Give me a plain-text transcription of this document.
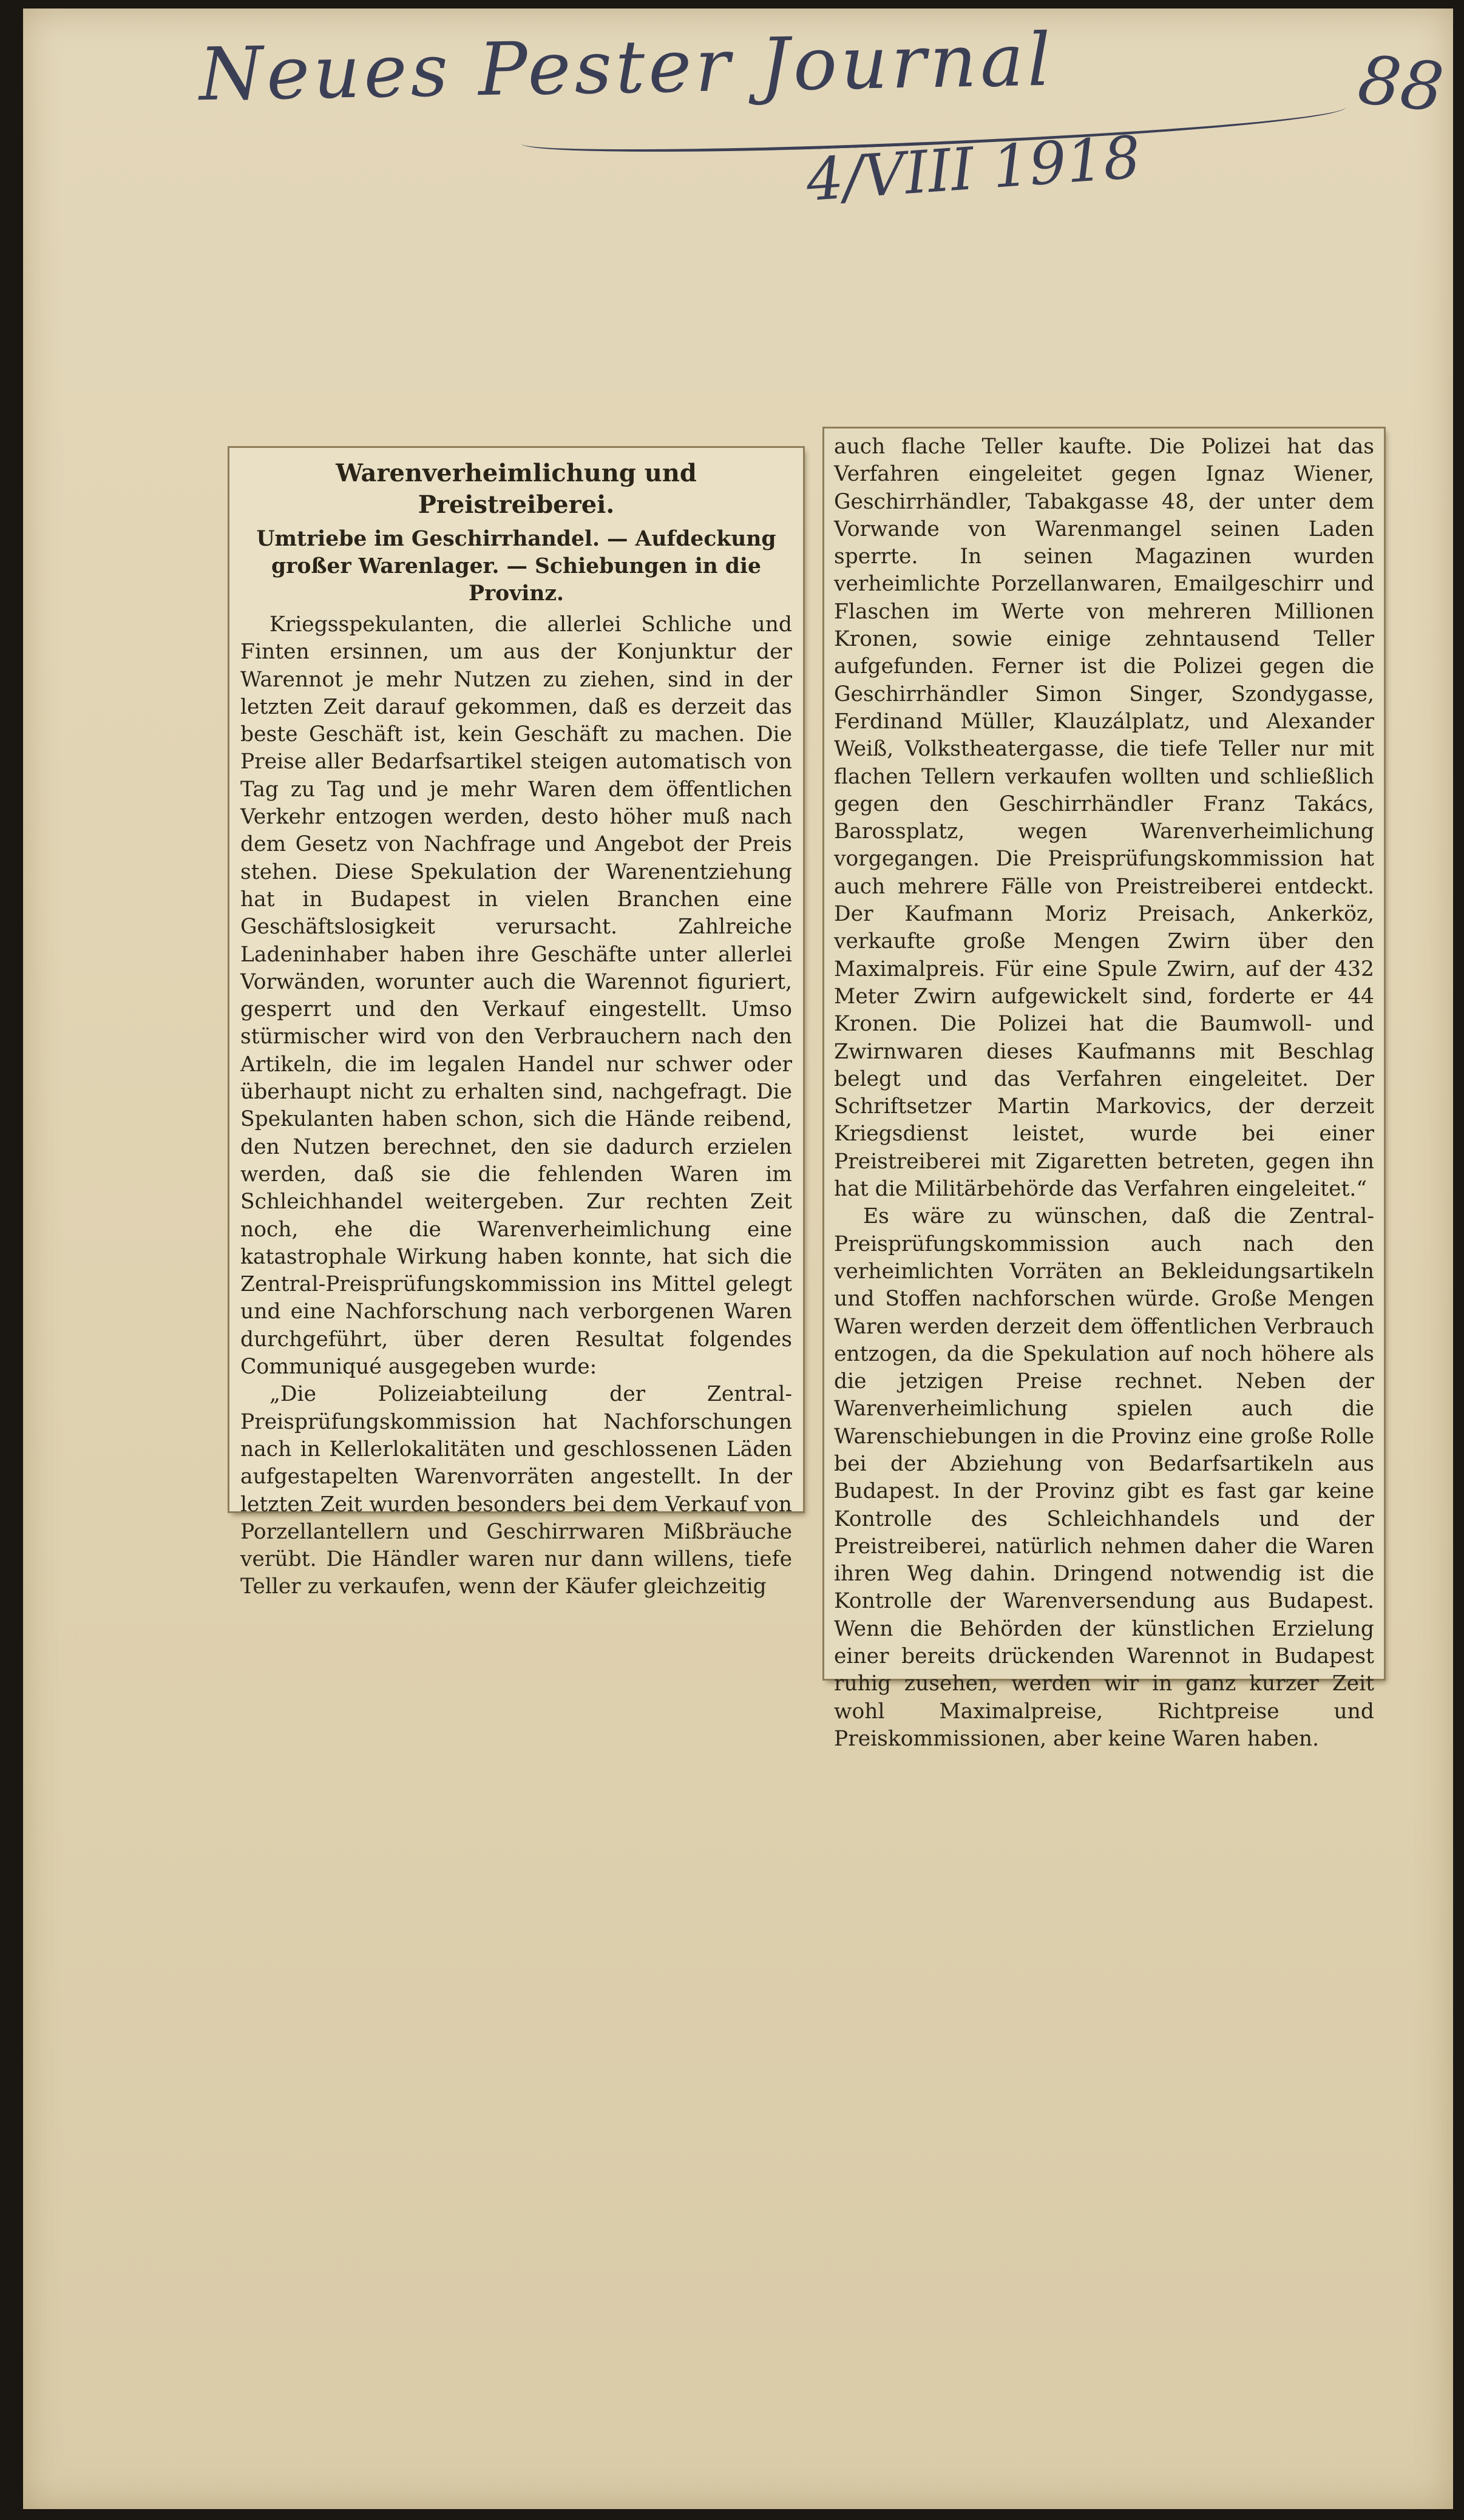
Neues Pester Journal	88
4/VIII 1918
Warenverheimlichung und Preistreiberei.
Umtriebe im Geschirrhandel. — Aufdeckung großer Warenlager. — Schiebungen in die Provinz.

Kriegsspekulanten, die allerlei Schliche und Finten ersinnen, um aus der Konjunktur der Warennot je mehr Nutzen zu ziehen, sind in der letzten Zeit darauf gekommen, daß es derzeit das beste Geschäft ist, kein Geschäft zu machen. Die Preise aller Bedarfsartikel steigen automatisch von Tag zu Tag und je mehr Waren dem öffentlichen Verkehr entzogen werden, desto höher muß nach dem Gesetz von Nachfrage und Angebot der Preis stehen. Diese Spekulation der Warenentziehung hat in Budapest in vielen Branchen eine Geschäftslosigkeit verursacht. Zahlreiche Ladeninhaber haben ihre Geschäfte unter allerlei Vorwänden, worunter auch die Warennot figuriert, gesperrt und den Verkauf eingestellt. Umso stürmischer wird von den Verbrauchern nach den Artikeln, die im legalen Handel nur schwer oder überhaupt nicht zu erhalten sind, nachgefragt. Die Spekulanten haben schon, sich die Hände reibend, den Nutzen berechnet, den sie dadurch erzielen werden, daß sie die fehlenden Waren im Schleichhandel weitergeben. Zur rechten Zeit noch, ehe die Warenverheimlichung eine katastrophale Wirkung haben konnte, hat sich die Zentral-Preisprüfungskommission ins Mittel gelegt und eine Nachforschung nach verborgenen Waren durchgeführt, über deren Resultat folgendes Communiqué ausgegeben wurde:

„Die Polizeiabteilung der Zentral-Preisprüfungskommission hat Nachforschungen nach in Kellerlokalitäten und geschlossenen Läden aufgestapelten Warenvorräten angestellt. In der letzten Zeit wurden besonders bei dem Verkauf von Porzellantellern und Geschirrwaren Mißbräuche verübt. Die Händler waren nur dann willens, tiefe Teller zu verkaufen, wenn der Käufer gleichzeitig

auch flache Teller kaufte. Die Polizei hat das Verfahren eingeleitet gegen Ignaz Wiener, Geschirrhändler, Tabakgasse 48, der unter dem Vorwande von Warenmangel seinen Laden sperrte. In seinen Magazinen wurden verheimlichte Porzellanwaren, Emailgeschirr und Flaschen im Werte von mehreren Millionen Kronen, sowie einige zehntausend Teller aufgefunden. Ferner ist die Polizei gegen die Geschirrhändler Simon Singer, Szondygasse, Ferdinand Müller, Klauzálplatz, und Alexander Weiß, Volkstheatergasse, die tiefe Teller nur mit flachen Tellern verkaufen wollten und schließlich gegen den Geschirrhändler Franz Takács, Barossplatz, wegen Warenverheimlichung vorgegangen. Die Preisprüfungskommission hat auch mehrere Fälle von Preistreiberei entdeckt. Der Kaufmann Moriz Preisach, Ankerköz, verkaufte große Mengen Zwirn über den Maximalpreis. Für eine Spule Zwirn, auf der 432 Meter Zwirn aufgewickelt sind, forderte er 44 Kronen. Die Polizei hat die Baumwoll- und Zwirnwaren dieses Kaufmanns mit Beschlag belegt und das Verfahren eingeleitet. Der Schriftsetzer Martin Markovics, der derzeit Kriegsdienst leistet, wurde bei einer Preistreiberei mit Zigaretten betreten, gegen ihn hat die Militärbehörde das Verfahren eingeleitet.“

Es wäre zu wünschen, daß die Zentral-Preisprüfungskommission auch nach den verheimlichten Vorräten an Bekleidungsartikeln und Stoffen nachforschen würde. Große Mengen Waren werden derzeit dem öffentlichen Verbrauch entzogen, da die Spekulation auf noch höhere als die jetzigen Preise rechnet. Neben der Warenverheimlichung spielen auch die Warenschiebungen in die Provinz eine große Rolle bei der Abziehung von Bedarfsartikeln aus Budapest. In der Provinz gibt es fast gar keine Kontrolle des Schleichhandels und der Preistreiberei, natürlich nehmen daher die Waren ihren Weg dahin. Dringend notwendig ist die Kontrolle der Warenversendung aus Budapest. Wenn die Behörden der künstlichen Erzielung einer bereits drückenden Warennot in Budapest ruhig zusehen, werden wir in ganz kurzer Zeit wohl Maximalpreise, Richtpreise und Preiskommissionen, aber keine Waren haben.
